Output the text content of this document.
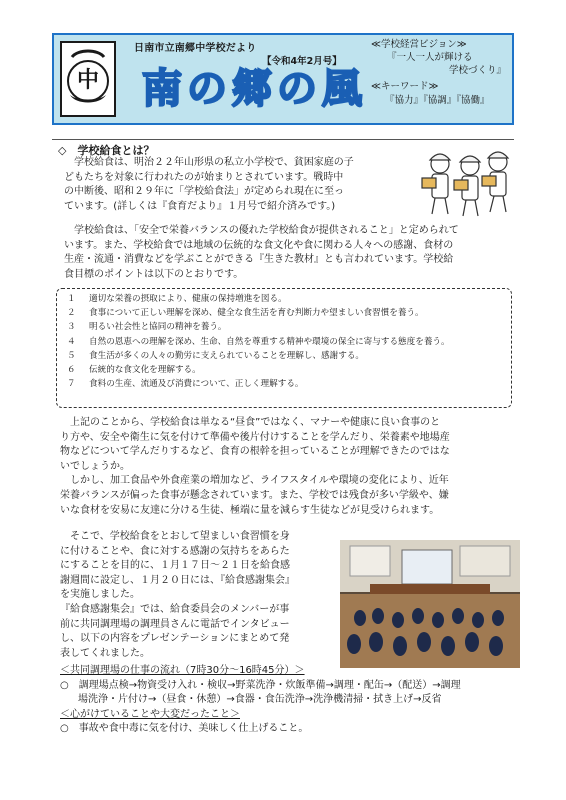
中
日南市立南郷中学校だより
【令和4年2月号】
南の郷の風
≪学校経営ビジョン≫
『一人一人が輝ける
学校づくり』
≪キーワード≫
『協力』『協調』『協働』
◇　学校給食とは？
　学校給食は、明治２２年山形県の私立小学校で、貧困家庭の子
どもたちを対象に行われたのが始まりとされています。戦時中
の中断後、昭和２９年に「学校給食法」が定められ現在に至っ
ています。(詳しくは『食育だより』１月号で紹介済みです。)
　学校給食は、「安全で栄養バランスの優れた学校給食が提供されること」と定められて
います。また、学校給食では地域の伝統的な食文化や食に関わる人々への感謝、食材の
生産・流通・消費などを学ぶことができる『生きた教材』とも言われています。学校給
食目標のポイントは以下のとおりです。
１ 適切な栄養の摂取により、健康の保持増進を図る。
２ 食事について正しい理解を深め、健全な食生活を育む判断力や望ましい食習慣を養う。
３ 明るい社会性と協同の精神を養う。
４ 自然の恩恵への理解を深め、生命、自然を尊重する精神や環境の保全に寄与する態度を養う。
５ 食生活が多くの人々の勤労に支えられていることを理解し、感謝する。
６ 伝統的な食文化を理解する。
７ 食料の生産、流通及び消費について、正しく理解する。
　上記のことから、学校給食は単なる“昼食”ではなく、マナーや健康に良い食事のと
り方や、安全や衛生に気を付けて準備や後片付けすることを学んだり、栄養素や地場産
物などについて学んだりするなど、食育の根幹を担っていることが理解できたのではな
いでしょうか。
　しかし、加工食品や外食産業の増加など、ライフスタイルや環境の変化により、近年
栄養バランスが偏った食事が懸念されています。また、学校では残食が多い学級や、嫌
いな食材を安易に友達に分ける生徒、極端に量を減らす生徒などが見受けられます。
　そこで、学校給食をとおして望ましい食習慣を身
に付けることや、食に対する感謝の気持ちをあらた
にすることを目的に、１月１７日～２１日を給食感
謝週間に設定し、１月２０日には、『給食感謝集会』
を実施しました。
『給食感謝集会』では、給食委員会のメンバーが事
前に共同調理場の調理員さんに電話でインタビュー
し、以下の内容をプレゼンテーションにまとめて発
表してくれました。
＜共同調理場の仕事の流れ（7時30分～16時45分）＞
○　調理場点検→物資受け入れ・検収→野菜洗浄・炊飯準備→調理・配缶→（配送）→調理
場洗浄・片付け→（昼食・休憩）→食器・食缶洗浄→洗浄機清掃・拭き上げ→反省
＜心がけていることや大変だったこと＞
○　事故や食中毒に気を付け、美味しく仕上げること。
